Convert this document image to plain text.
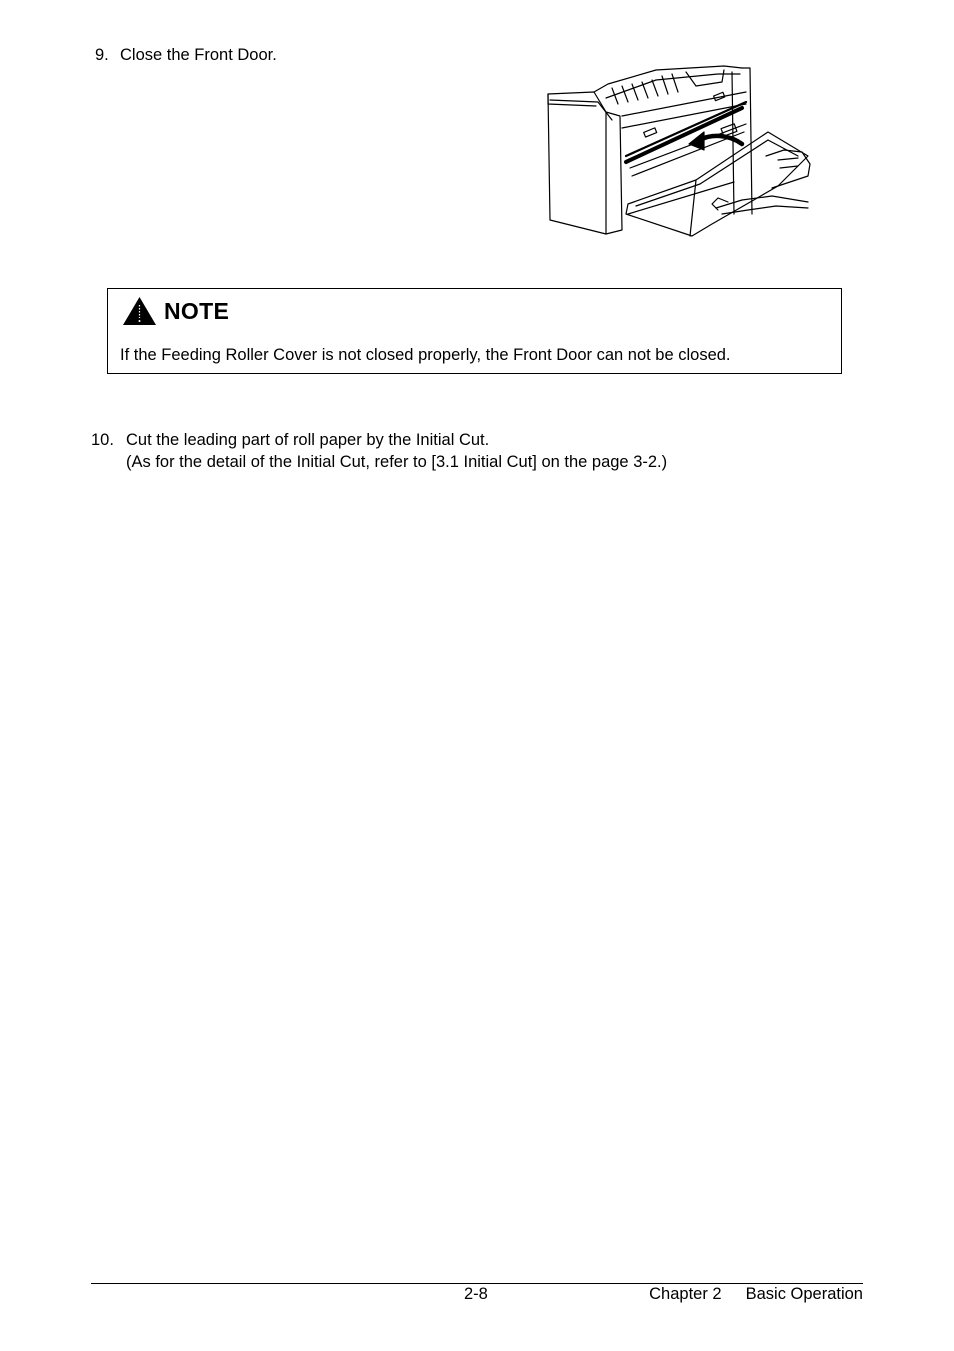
9. Close the Front Door.
NOTE
If the Feeding Roller Cover is not closed properly, the Front Door can not be closed.
10. Cut the leading part of roll paper by the Initial Cut.
(As for the detail of the Initial Cut, refer to [3.1 Initial Cut] on the page 3-2.)
2-8	Chapter 2 Basic Operation
